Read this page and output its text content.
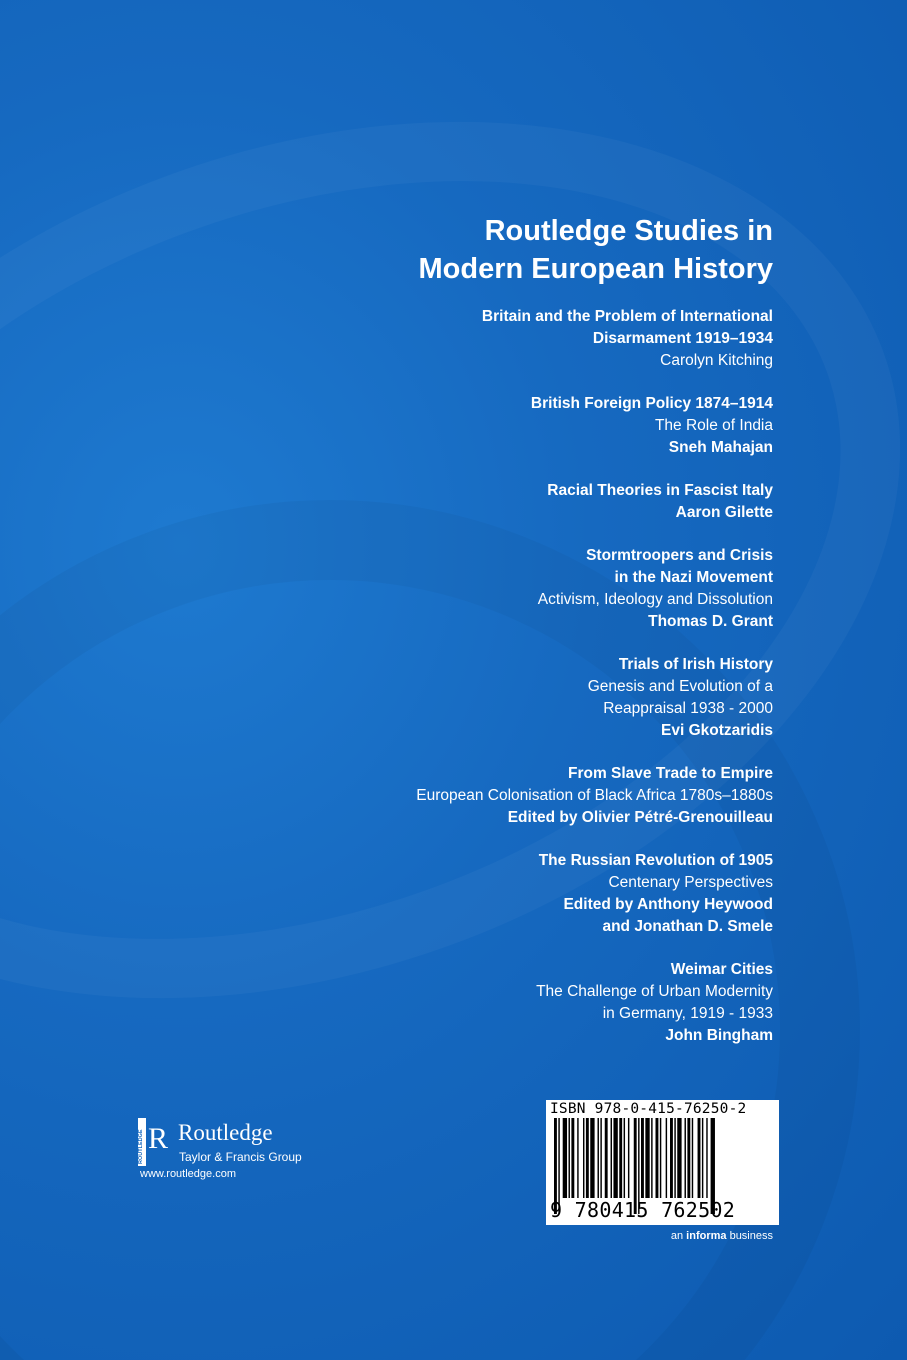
Routledge Studies in
Modern European History
Britain and the Problem of International
Disarmament 1919–1934
Carolyn Kitching
British Foreign Policy 1874–1914
The Role of India
Sneh Mahajan
Racial Theories in Fascist Italy
Aaron Gilette
Stormtroopers and Crisis
in the Nazi Movement
Activism, Ideology and Dissolution
Thomas D. Grant
Trials of Irish History
Genesis and Evolution of a
Reappraisal 1938 - 2000
Evi Gkotzaridis
From Slave Trade to Empire
European Colonisation of Black Africa 1780s–1880s
Edited by Olivier Pétré-Grenouilleau
The Russian Revolution of 1905
Centenary Perspectives
Edited by Anthony Heywood
and Jonathan D. Smele
Weimar Cities
The Challenge of Urban Modernity
in Germany, 1919 - 1933
John Bingham
ROUTLEDGE R Routledge
Taylor & Francis Group
www.routledge.com
ISBN 978-0-415-76250-2
9 780415 762502
an informa business
